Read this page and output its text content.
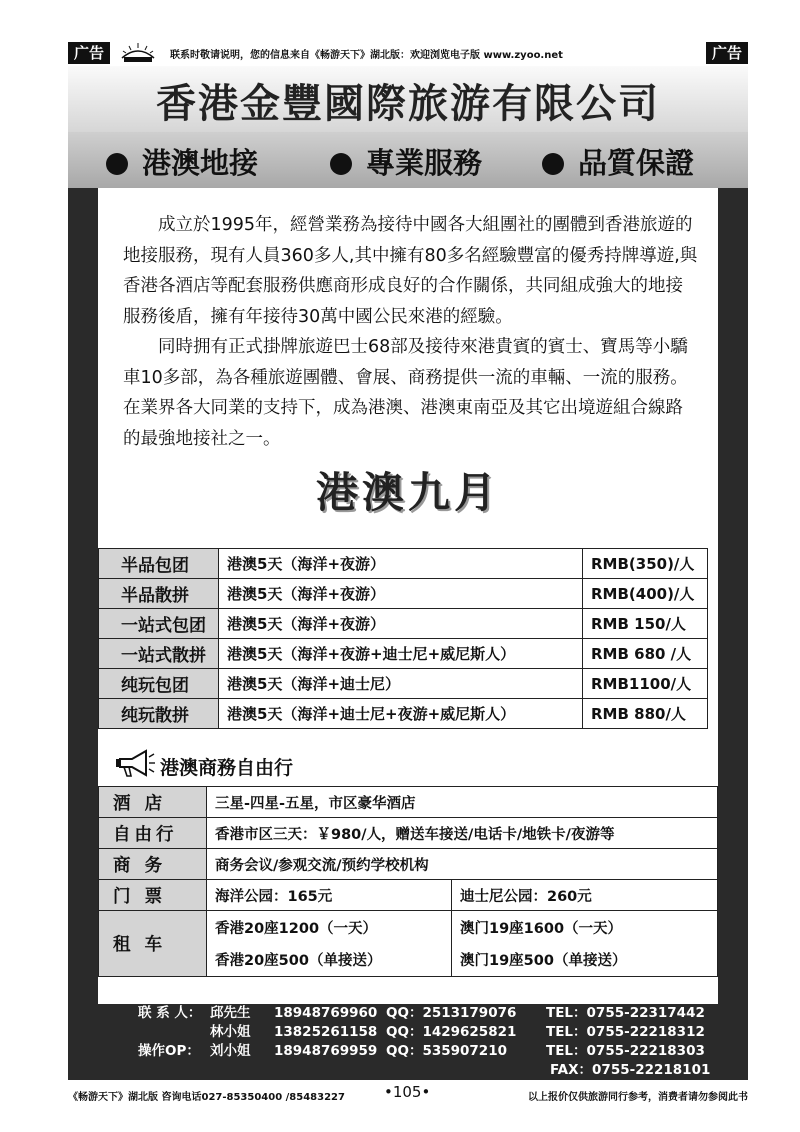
广告	联系时敬请说明，您的信息来自《畅游天下》湖北版：欢迎浏览电子版 www.zyoo.net	广告
香港金豐國際旅游有限公司
港澳地接	專業服務	品質保證

成立於1995年，經營業務為接待中國各大組團社的團體到香港旅遊的地接服務，現有人員360多人,其中擁有80多名經驗豐富的優秀持牌導遊,與香港各酒店等配套服務供應商形成良好的合作關係，共同組成強大的地接服務後盾，擁有年接待30萬中國公民來港的經驗。

同時拥有正式掛牌旅遊巴士68部及接待來港貴賓的賓士、寶馬等小驕車10多部，為各種旅遊團體、會展、商務提供一流的車輛、一流的服務。在業界各大同業的支持下，成為港澳、港澳東南亞及其它出境遊組合線路的最強地接社之一。

港澳九月
半品包团	港澳5天（海洋+夜游）	RMB(350)/人
半品散拼	港澳5天（海洋+夜游）	RMB(400)/人
一站式包团	港澳5天（海洋+夜游）	RMB 150/人
一站式散拼	港澳5天（海洋+夜游+迪士尼+威尼斯人）	RMB 680 /人
纯玩包团	港澳5天（海洋+迪士尼）	RMB1100/人
纯玩散拼	港澳5天（海洋+迪士尼+夜游+威尼斯人）	RMB 880/人
港澳商務自由行
酒 店	三星-四星-五星，市区豪华酒店	
自由行	香港市区三天：￥980/人，赠送车接送/电话卡/地铁卡/夜游等	
商 务	商务会议/参观交流/预约学校机构	
门 票	海洋公园：165元	迪士尼公园：260元
租 车	香港20座1200（一天）	澳门19座1600（一天）
	香港20座500（单接送）	澳门19座500（单接送）
联 系 人： 邱先生 18948769960 QQ：2513179076 TEL：0755-22317442
林小姐 13825261158 QQ：1429625821 TEL：0755-22218312
操作OP： 刘小姐 18948769959 QQ：535907210	TEL：0755-22218303
FAX：0755-22218101
《畅游天下》湖北版 咨询电话027-85350400 /85483227	•105•	以上报价仅供旅游同行参考，消费者请勿参阅此书
